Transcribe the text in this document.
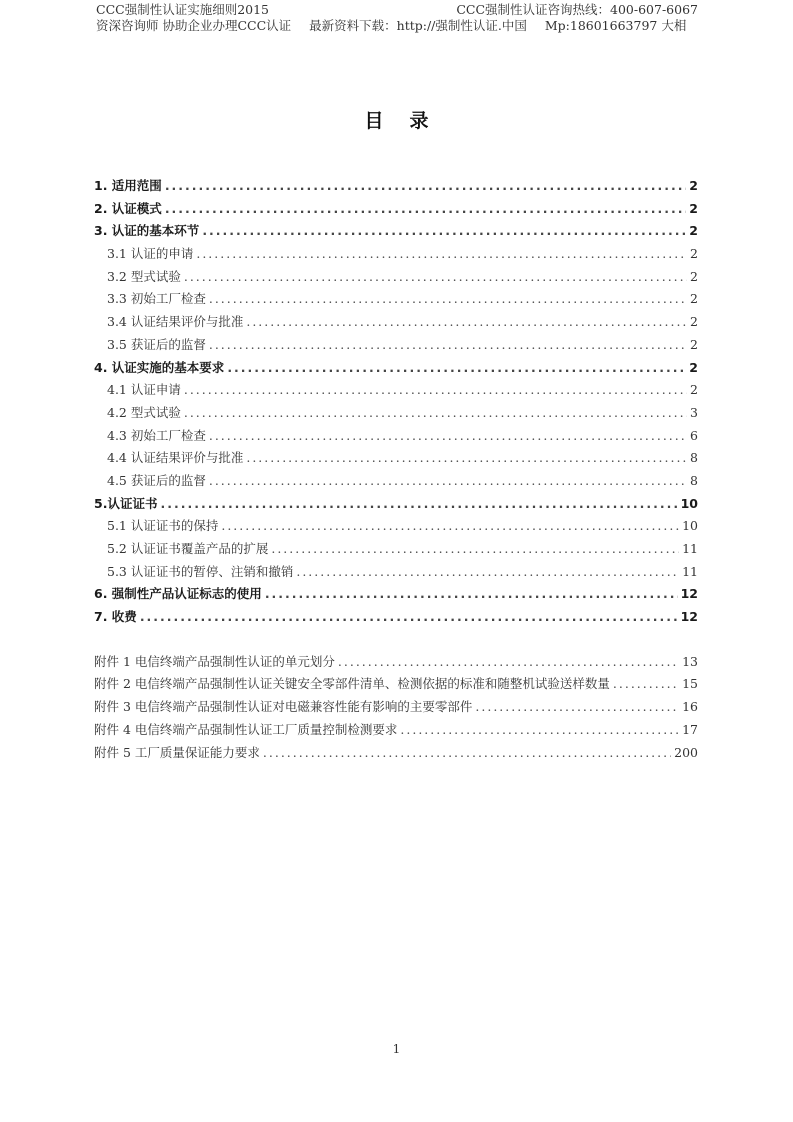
CCC强制性认证实施细则2015	CCC强制性认证咨询热线：400-607-6067
资深咨询师 协助企业办理CCC认证 最新资料下载：http://强制性认证.中国 Mp:18601663797 大相
目录
1. 适用范围 .....	2
2. 认证模式 .....	2
3. 认证的基本环节 .....	2
3.1 认证的申请 .....	2
3.2 型式试验 .....	2
3.3 初始工厂检查 .....	2
3.4 认证结果评价与批准 .....	2
3.5 获证后的监督 .....	2
4. 认证实施的基本要求 .....	2
4.1 认证申请 .....	2
4.2 型式试验 .....	3
4.3 初始工厂检查 .....	6
4.4 认证结果评价与批准 .....	8
4.5 获证后的监督 .....	8
5.认证证书 .....	10
5.1 认证证书的保持 .....	10
5.2 认证证书覆盖产品的扩展 .....	11
5.3 认证证书的暂停、注销和撤销 .....	11
6. 强制性产品认证标志的使用 .....	12
7. 收费 .....	12
附件 1 电信终端产品强制性认证的单元划分 .....	13
附件 2 电信终端产品强制性认证关键安全零部件清单、检测依据的标准和随整机试验送样数量 .....	15
附件 3 电信终端产品强制性认证对电磁兼容性能有影响的主要零部件 .....	16
附件 4 电信终端产品强制性认证工厂质量控制检测要求 .....	17
附件 5 工厂质量保证能力要求 .....	200
1
